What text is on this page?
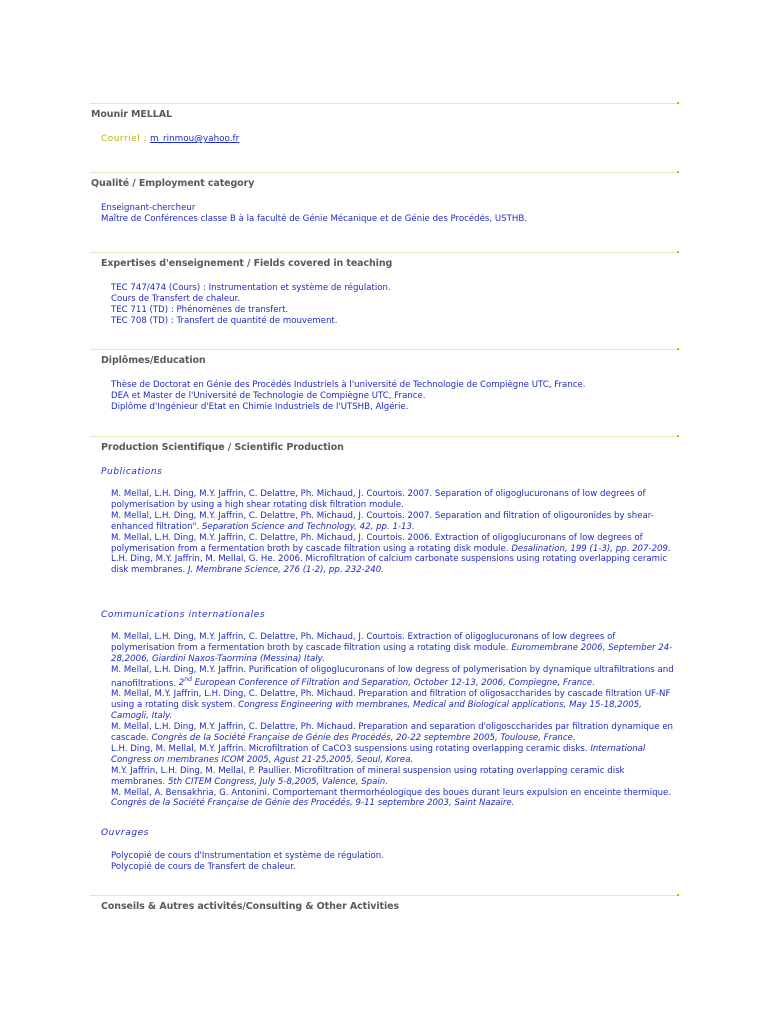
Mounir MELLAL
Courriel : m_rinmou@yahoo.fr
Qualité / Employment category
Enseignant-chercheur
Maître de Conférences classe B à la faculté de Génie Mécanique et de Génie des Procédés, USTHB.
Expertises d'enseignement / Fields covered in teaching
TEC 747/474 (Cours) : Instrumentation et système de régulation.
Cours de Transfert de chaleur.
TEC 711 (TD) : Phénomènes de transfert.
TEC 708 (TD) : Transfert de quantité de mouvement.
Diplômes/Education
Thèse de Doctorat en Génie des Procédés Industriels à l'université de Technologie de Compiègne UTC, France.
DEA et Master de l'Université de Technologie de Compiègne UTC, France.
Diplôme d'Ingénieur d'Etat en Chimie Industriels de l'UTSHB, Algérie.
Production Scientifique / Scientific Production
Publications

M. Mellal, L.H. Ding, M.Y. Jaffrin, C. Delattre, Ph. Michaud, J. Courtois. 2007. Separation of oligoglucuronans of low degrees of polymerisation by using a high shear rotating disk filtration module.

M. Mellal, L.H. Ding, M.Y. Jaffrin, C. Delattre, Ph. Michaud, J. Courtois. 2007. Separation and filtration of oligouronides by shear-enhanced filtration". Separation Science and Technology, 42, pp. 1-13.

M. Mellal, L.H. Ding, M.Y. Jaffrin, C. Delattre, Ph. Michaud, J. Courtois. 2006. Extraction of oligoglucuronans of low degrees of polymerisation from a fermentation broth by cascade filtration using a rotating disk module. Desalination, 199 (1-3), pp. 207-209.

L.H. Ding, M.Y. Jaffrin, M. Mellal, G. He. 2006. Microfiltration of calcium carbonate suspensions using rotating overlapping ceramic disk membranes. J. Membrane Science, 276 (1-2), pp. 232-240.

Communications internationales

M. Mellal, L.H. Ding, M.Y. Jaffrin, C. Delattre, Ph. Michaud, J. Courtois. Extraction of oligoglucuronans of low degrees of polymerisation from a fermentation broth by cascade filtration using a rotating disk module. Euromembrane 2006, September 24-28,2006, Giardini Naxos-Taormina (Messina) Italy.

M. Mellal, L.H. Ding, M.Y. Jaffrin. Purification of oligoglucuronans of low degress of polymerisation by dynamique ultrafiltrations and nanofiltrations. 2nd European Conference of Filtration and Separation, October 12-13, 2006, Compiegne, France.

M. Mellal, M.Y. Jaffrin, L.H. Ding, C. Delattre, Ph. Michaud. Preparation and filtration of oligosaccharides by cascade filtration UF-NF using a rotating disk system. Congress Engineering with membranes, Medical and Biological applications, May 15-18,2005, Camogli, Italy.

M. Mellal, L.H. Ding, M.Y. Jaffrin, C. Delattre, Ph. Michaud. Preparation and separation d'oligosccharides par filtration dynamique en cascade. Congrès de la Société Française de Génie des Procédés, 20-22 septembre 2005, Toulouse, France.

L.H. Ding, M. Mellal, M.Y. Jaffrin. Microfiltration of CaCO3 suspensions using rotating overlapping ceramic disks. International Congress on membranes ICOM 2005, Agust 21-25,2005, Seoul, Korea.

M.Y. Jaffrin, L.H. Ding, M. Mellal, P. Paullier. Microfiltration of mineral suspension using rotating overlapping ceramic disk membranes. 5th CITEM Congress, July 5-8,2005, Valence, Spain.

M. Mellal, A. Bensakhria, G. Antonini. Comportemant thermorhéologique des boues durant leurs expulsion en enceinte thermique. Congrès de la Société Française de Génie des Procédés, 9-11 septembre 2003, Saint Nazaire.

Ouvrages
Polycopié de cours d'Instrumentation et système de régulation.
Polycopié de cours de Transfert de chaleur.
Conseils & Autres activités/Consulting & Other Activities
